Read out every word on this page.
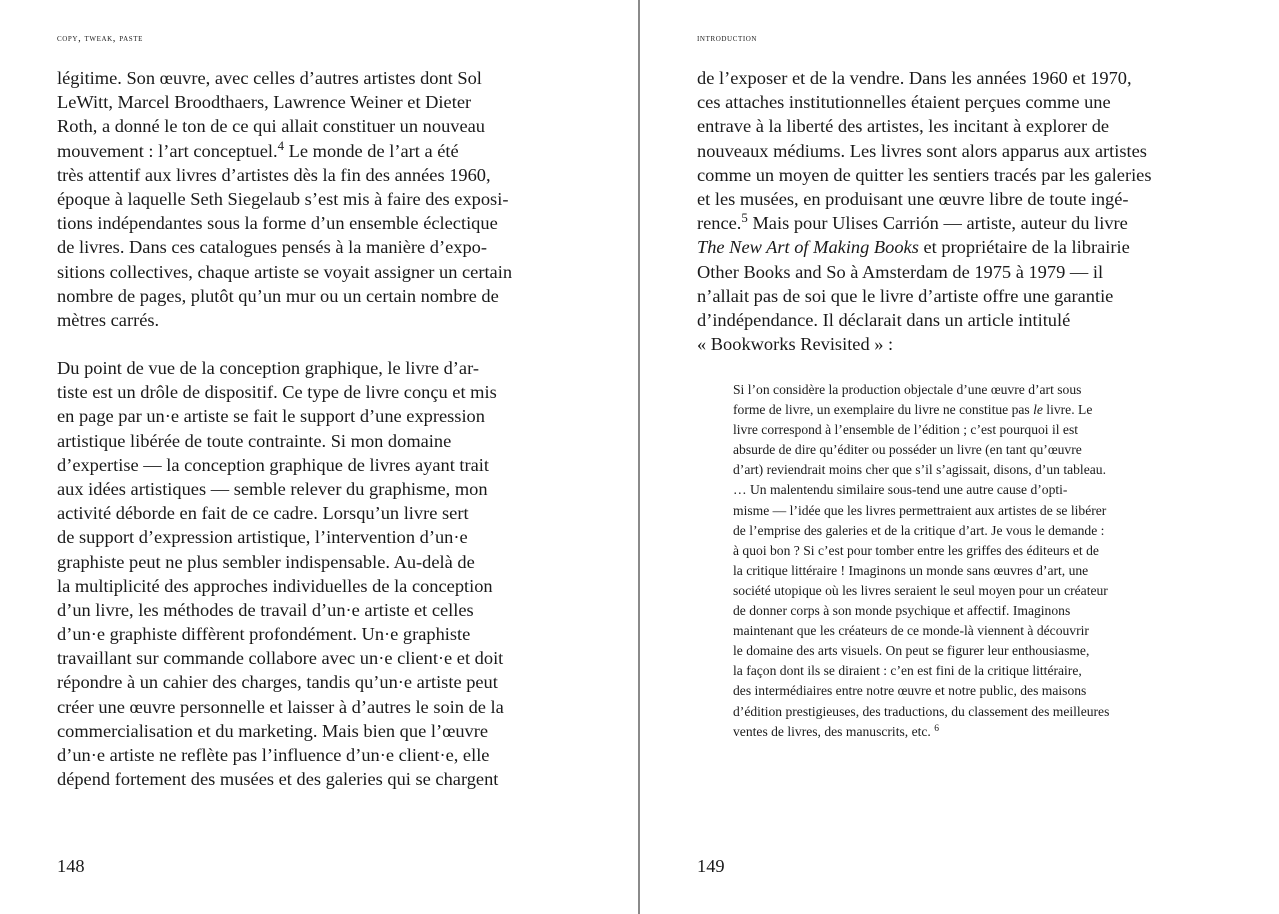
copy, tweak, paste
légitime. Son œuvre, avec celles d’autres artistes dont Sol
LeWitt, Marcel Broodthaers, Lawrence Weiner et Dieter
Roth, a donné le ton de ce qui allait constituer un nouveau
mouvement : l’art conceptuel.$^4$ Le monde de l’art a été
très attentif aux livres d’artistes dès la fin des années 1960,
époque à laquelle Seth Siegelaub s’est mis à faire des exposi-
tions indépendantes sous la forme d’un ensemble éclectique
de livres. Dans ces catalogues pensés à la manière d’expo-
sitions collectives, chaque artiste se voyait assigner un certain
nombre de pages, plutôt qu’un mur ou un certain nombre de
mètres carrés.
Du point de vue de la conception graphique, le livre d’ar-
tiste est un drôle de dispositif. Ce type de livre conçu et mis
en page par un·e artiste se fait le support d’une expression
artistique libérée de toute contrainte. Si mon domaine
d’expertise — la conception graphique de livres ayant trait
aux idées artistiques — semble relever du graphisme, mon
activité déborde en fait de ce cadre. Lorsqu’un livre sert
de support d’expression artistique, l’intervention d’un·e
graphiste peut ne plus sembler indispensable. Au-delà de
la multiplicité des approches individuelles de la conception
d’un livre, les méthodes de travail d’un·e artiste et celles
d’un·e graphiste diffèrent profondément. Un·e graphiste
travaillant sur commande collabore avec un·e client·e et doit
répondre à un cahier des charges, tandis qu’un·e artiste peut
créer une œuvre personnelle et laisser à d’autres le soin de la
commercialisation et du marketing. Mais bien que l’œuvre
d’un·e artiste ne reflète pas l’influence d’un·e client·e, elle
dépend fortement des musées et des galeries qui se chargent
148
introduction
de l’exposer et de la vendre. Dans les années 1960 et 1970,
ces attaches institutionnelles étaient perçues comme une
entrave à la liberté des artistes, les incitant à explorer de
nouveaux médiums. Les livres sont alors apparus aux artistes
comme un moyen de quitter les sentiers tracés par les galeries
et les musées, en produisant une œuvre libre de toute ingé-
rence.$^5$ Mais pour Ulises Carrión — artiste, auteur du livre
The New Art of Making Books et propriétaire de la librairie
Other Books and So à Amsterdam de 1975 à 1979 — il
n’allait pas de soi que le livre d’artiste offre une garantie
d’indépendance. Il déclarait dans un article intitulé
« Bookworks Revisited » :
Si l’on considère la production objectale d’une œuvre d’art sous
forme de livre, un exemplaire du livre ne constitue pas le livre. Le
livre correspond à l’ensemble de l’édition ; c’est pourquoi il est
absurde de dire qu’éditer ou posséder un livre (en tant qu’œuvre
d’art) reviendrait moins cher que s’il s’agissait, disons, d’un tableau.
… Un malentendu similaire sous-tend une autre cause d’opti-
misme — l’idée que les livres permettraient aux artistes de se libérer
de l’emprise des galeries et de la critique d’art. Je vous le demande :
à quoi bon ? Si c’est pour tomber entre les griffes des éditeurs et de
la critique littéraire ! Imaginons un monde sans œuvres d’art, une
société utopique où les livres seraient le seul moyen pour un créateur
de donner corps à son monde psychique et affectif. Imaginons
maintenant que les créateurs de ce monde-là viennent à découvrir
le domaine des arts visuels. On peut se figurer leur enthousiasme,
la façon dont ils se diraient : c’en est fini de la critique littéraire,
des intermédiaires entre notre œuvre et notre public, des maisons
d’édition prestigieuses, des traductions, du classement des meilleures
ventes de livres, des manuscrits, etc. $^6$
149
